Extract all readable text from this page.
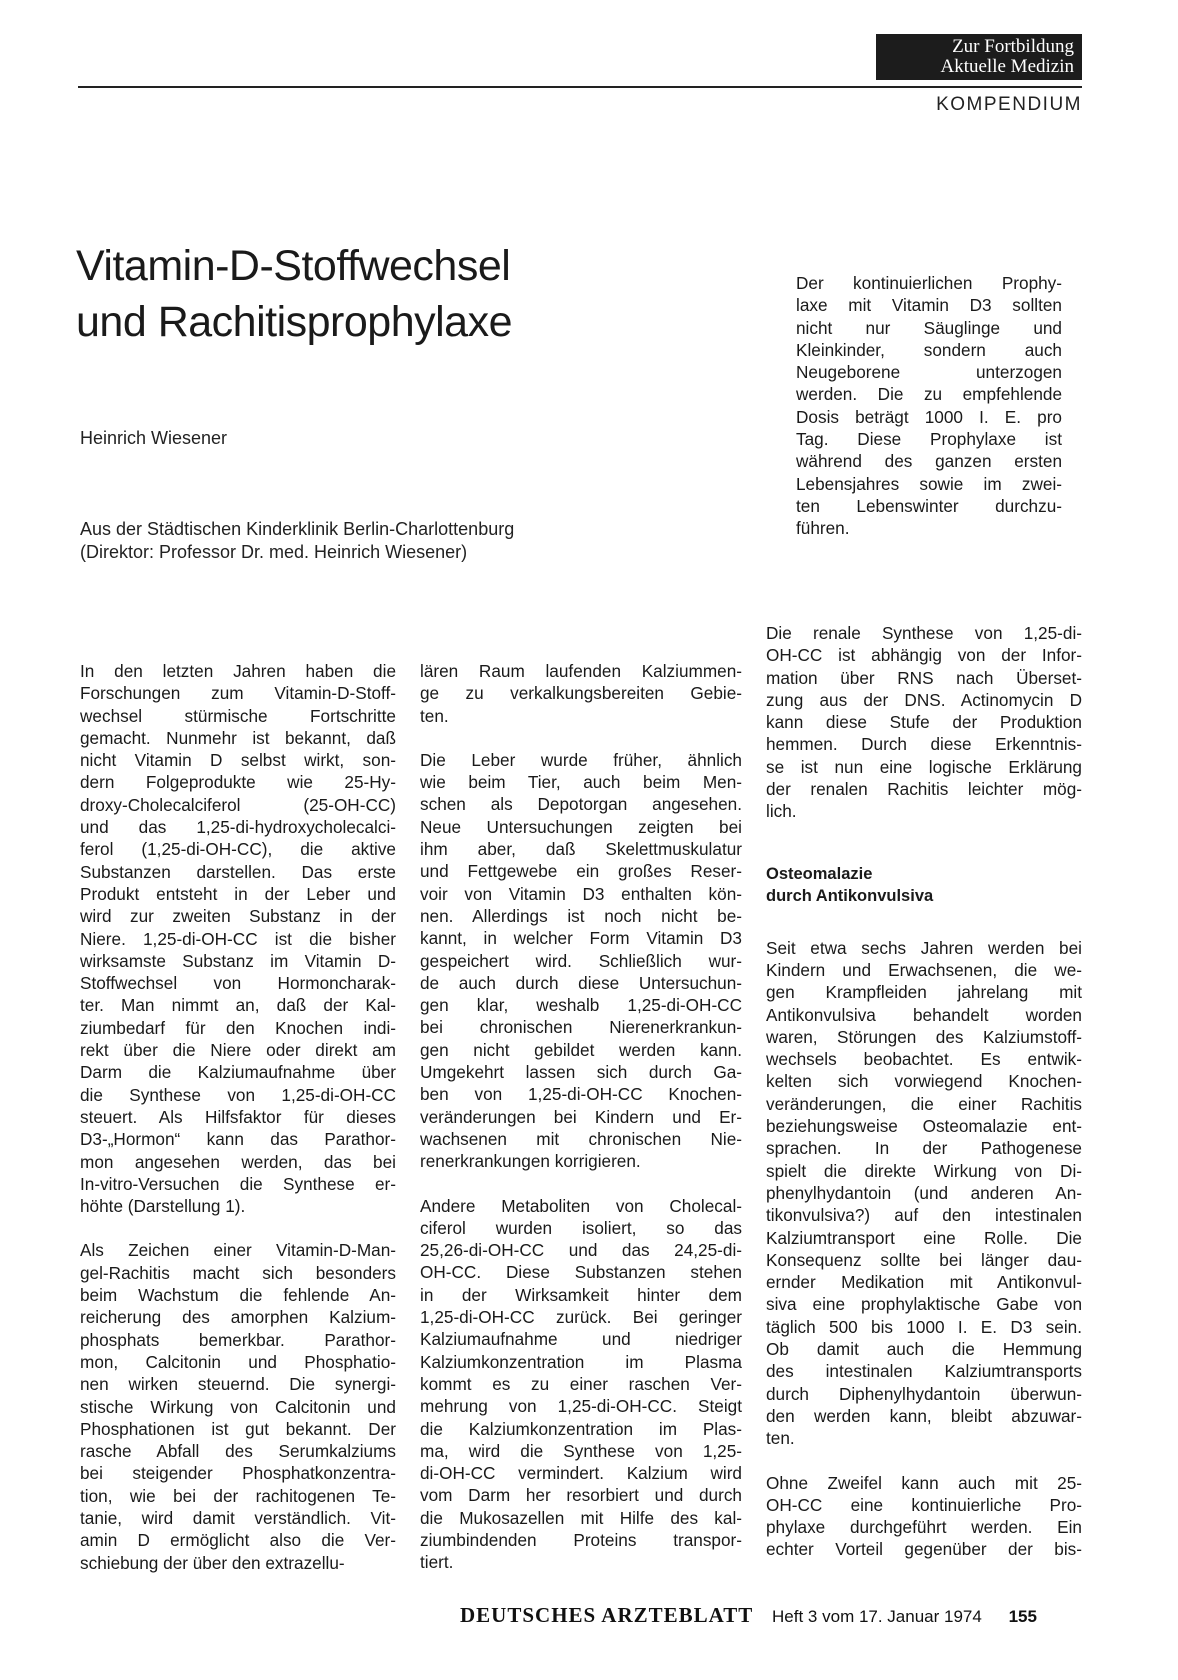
Zur Fortbildung
Aktuelle Medizin
KOMPENDIUM
Vitamin-D-Stoffwechsel
und Rachitisprophylaxe
Heinrich Wiesener
Aus der Städtischen Kinderklinik Berlin-Charlottenburg
(Direktor: Professor Dr. med. Heinrich Wiesener)

Der kontinuierlichen Prophy-
laxe mit Vitamin D3 sollten
nicht nur Säuglinge und
Kleinkinder, sondern auch
Neugeborene unterzogen
werden. Die zu empfehlende
Dosis beträgt 1000 I. E. pro
Tag. Diese Prophylaxe ist
während des ganzen ersten
Lebensjahres sowie im zwei-
ten Lebenswinter durchzu-
führen.

In den letzten Jahren haben die
Forschungen zum Vitamin-D-Stoff-
wechsel stürmische Fortschritte
gemacht. Nunmehr ist bekannt, daß
nicht Vitamin D selbst wirkt, son-
dern Folgeprodukte wie 25-Hy-
droxy-Cholecalciferol (25-OH-CC)
und das 1,25-di-hydroxycholecalci-
ferol (1,25-di-OH-CC), die aktive
Substanzen darstellen. Das erste
Produkt entsteht in der Leber und
wird zur zweiten Substanz in der
Niere. 1,25-di-OH-CC ist die bisher
wirksamste Substanz im Vitamin D-
Stoffwechsel von Hormoncharak-
ter. Man nimmt an, daß der Kal-
ziumbedarf für den Knochen indi-
rekt über die Niere oder direkt am
Darm die Kalziumaufnahme über
die Synthese von 1,25-di-OH-CC
steuert. Als Hilfsfaktor für dieses
D3-„Hormon“ kann das Parathor-
mon angesehen werden, das bei
In-vitro-Versuchen die Synthese er-
höhte (Darstellung 1).

Als Zeichen einer Vitamin-D-Man-
gel-Rachitis macht sich besonders
beim Wachstum die fehlende An-
reicherung des amorphen Kalzium-
phosphats bemerkbar. Parathor-
mon, Calcitonin und Phosphatio-
nen wirken steuernd. Die synergi-
stische Wirkung von Calcitonin und
Phosphationen ist gut bekannt. Der
rasche Abfall des Serumkalziums
bei steigender Phosphatkonzentra-
tion, wie bei der rachitogenen Te-
tanie, wird damit verständlich. Vit-
amin D ermöglicht also die Ver-
schiebung der über den extrazellu-

lären Raum laufenden Kalziummen-
ge zu verkalkungsbereiten Gebie-
ten.

Die Leber wurde früher, ähnlich
wie beim Tier, auch beim Men-
schen als Depotorgan angesehen.
Neue Untersuchungen zeigten bei
ihm aber, daß Skelettmuskulatur
und Fettgewebe ein großes Reser-
voir von Vitamin D3 enthalten kön-
nen. Allerdings ist noch nicht be-
kannt, in welcher Form Vitamin D3
gespeichert wird. Schließlich wur-
de auch durch diese Untersuchun-
gen klar, weshalb 1,25-di-OH-CC
bei chronischen Nierenerkrankun-
gen nicht gebildet werden kann.
Umgekehrt lassen sich durch Ga-
ben von 1,25-di-OH-CC Knochen-
veränderungen bei Kindern und Er-
wachsenen mit chronischen Nie-
renerkrankungen korrigieren.

Andere Metaboliten von Cholecal-
ciferol wurden isoliert, so das
25,26-di-OH-CC und das 24,25-di-
OH-CC. Diese Substanzen stehen
in der Wirksamkeit hinter dem
1,25-di-OH-CC zurück. Bei geringer
Kalziumaufnahme und niedriger
Kalziumkonzentration im Plasma
kommt es zu einer raschen Ver-
mehrung von 1,25-di-OH-CC. Steigt
die Kalziumkonzentration im Plas-
ma, wird die Synthese von 1,25-
di-OH-CC vermindert. Kalzium wird
vom Darm her resorbiert und durch
die Mukosazellen mit Hilfe des kal-
ziumbindenden Proteins transpor-
tiert.

Die renale Synthese von 1,25-di-
OH-CC ist abhängig von der Infor-
mation über RNS nach Überset-
zung aus der DNS. Actinomycin D
kann diese Stufe der Produktion
hemmen. Durch diese Erkenntnis-
se ist nun eine logische Erklärung
der renalen Rachitis leichter mög-
lich.

Osteomalazie
durch Antikonvulsiva

Seit etwa sechs Jahren werden bei
Kindern und Erwachsenen, die we-
gen Krampfleiden jahrelang mit
Antikonvulsiva behandelt worden
waren, Störungen des Kalziumstoff-
wechsels beobachtet. Es entwik-
kelten sich vorwiegend Knochen-
veränderungen, die einer Rachitis
beziehungsweise Osteomalazie ent-
sprachen. In der Pathogenese
spielt die direkte Wirkung von Di-
phenylhydantoin (und anderen An-
tikonvulsiva?) auf den intestinalen
Kalziumtransport eine Rolle. Die
Konsequenz sollte bei länger dau-
ernder Medikation mit Antikonvul-
siva eine prophylaktische Gabe von
täglich 500 bis 1000 I. E. D3 sein.
Ob damit auch die Hemmung
des intestinalen Kalziumtransports
durch Diphenylhydantoin überwun-
den werden kann, bleibt abzuwar-
ten.

Ohne Zweifel kann auch mit 25-
OH-CC eine kontinuierliche Pro-
phylaxe durchgeführt werden. Ein
echter Vorteil gegenüber der bis-

DEUTSCHES ARZTEBLATT Heft 3 vom 17. Januar 1974 155
